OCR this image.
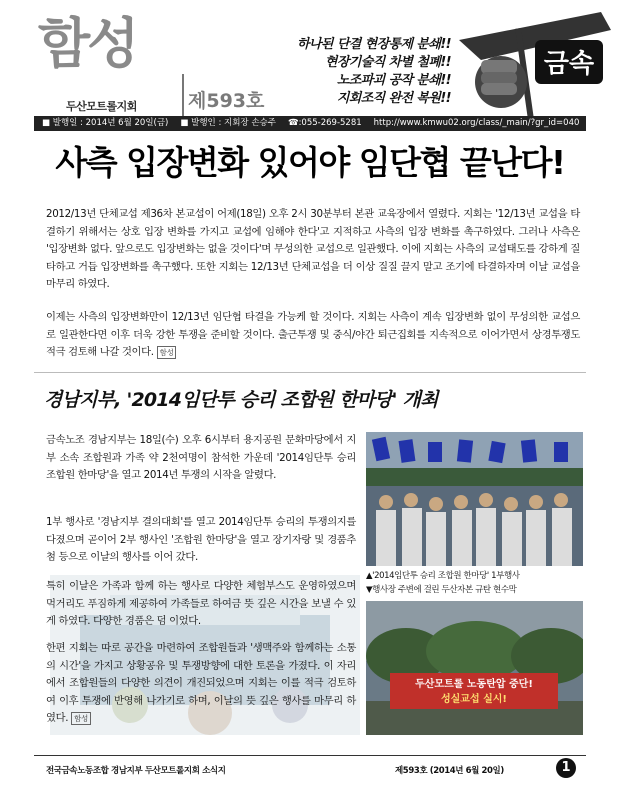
함성
두산모트롤지회	제593호
하나된 단결 현장통제 분쇄!!
현장기술직 차별 철폐!!
노조파괴 공작 분쇄!!
지회조직 완전 복원!!
금속
■ 발행일 : 2014년 6월 20일(금) ■ 발행인 : 지회장 손승주 ☎:055-269-5281 http://www.kmwu02.org/class/_main/?gr_id=040
사측 입장변화 있어야 임단협 끝난다!
2012/13년 단체교섭 제36차 본교섭이 어제(18일) 오후 2시 30분부터 본관 교육장에서 열렸다. 지회는 '12/13년 교섭을 타결하기 위해서는 상호 입장 변화를 가지고 교섭에 임해야 한다'고 지적하고 사측의 입장 변화를 촉구하였다. 그러나 사측은 '입장변화 없다. 앞으로도 입장변화는 없을 것이다'며 무성의한 교섭으로 일관했다. 이에 지회는 사측의 교섭태도를 강하게 질타하고 거듭 입장변화를 촉구했다. 또한 지회는 12/13년 단체교섭을 더 이상 질질 끌지 말고 조기에 타결하자며 이날 교섭을 마무리 하였다.
이제는 사측의 입장변화만이 12/13년 임단협 타결을 가능케 할 것이다. 지회는 사측이 계속 입장변화 없이 무성의한 교섭으로 일관한다면 이후 더욱 강한 투쟁을 준비할 것이다. 출근투쟁 및 중식/야간 퇴근집회를 지속적으로 이어가면서 상경투쟁도 적극 검토해 나갈 것이다. 함성
경남지부, '2014임단투 승리 조합원 한마당' 개최
금속노조 경남지부는 18일(수) 오후 6시부터 용지공원 문화마당에서 지부 소속 조합원과 가족 약 2천여명이 참석한 가운데 '2014임단투 승리 조합원 한마당'을 열고 2014년 투쟁의 시작을 알렸다.
1부 행사로 '경남지부 결의대회'를 열고 2014임단투 승리의 투쟁의지를 다졌으며 곧이어 2부 행사인 '조합원 한마당'을 열고 장기자랑 및 경품추첨 등으로 이날의 행사를 이어 갔다.
특히 이날은 가족과 함께 하는 행사로 다양한 체험부스도 운영하였으며 먹거리도 푸짐하게 제공하여 가족들로 하여금 뜻 깊은 시간을 보낼 수 있게 하였다. 다양한 경품은 덤 이었다.
한편 지회는 따로 공간을 마련하여 조합원들과 '생맥주와 함께하는 소통의 시간'을 가지고 상황공유 및 투쟁방향에 대한 토론을 가졌다. 이 자리에서 조합원들의 다양한 의견이 개진되었으며 지회는 이를 적극 검토하여 이후 투쟁에 반영해 나가기로 하며, 이날의 뜻 깊은 행사를 마무리 하였다. 함성
▲'2014임단투 승리 조합원 한마당' 1부행사
▼행사장 주변에 걸린 두산자본 규탄 현수막
두산모트롤 노동탄압 중단!
성실교섭 실시!
전국금속노동조합 경남지부 두산모트롤지회 소식지	제593호 (2014년 6월 20일)	1
